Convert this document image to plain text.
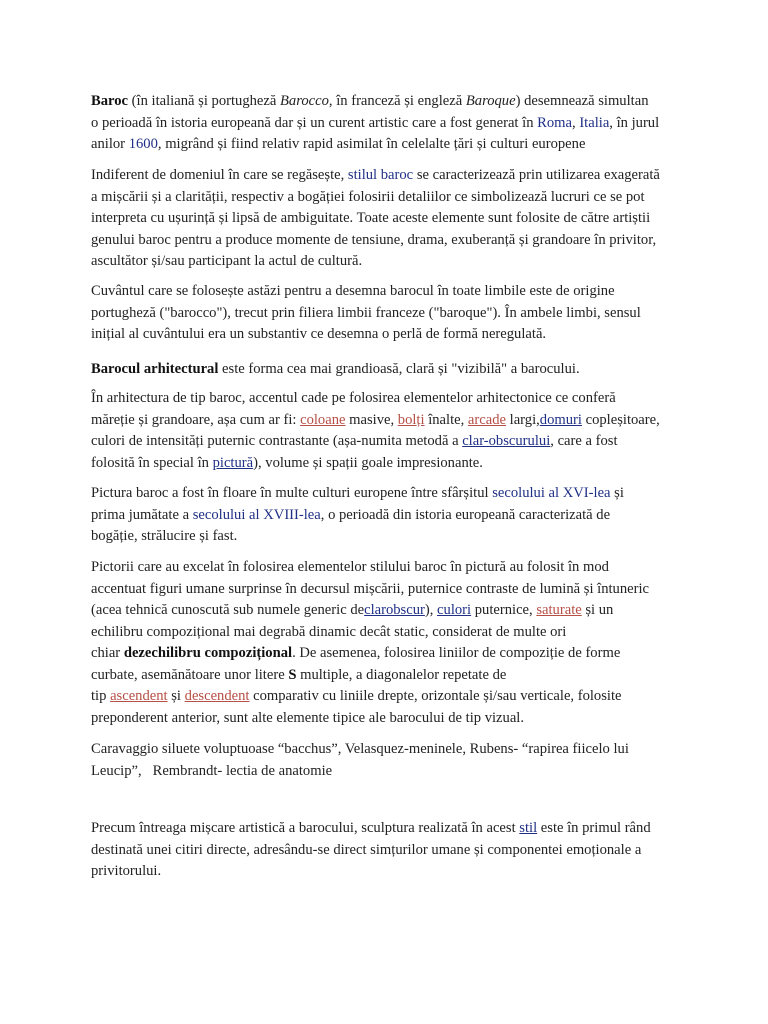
Baroc (în italiană și portugheză Barocco, în franceză și engleză Baroque) desemnează simultan
o perioadă în istoria europeană dar și un curent artistic care a fost generat în Roma, Italia, în jurul
anilor 1600, migrând și fiind relativ rapid asimilat în celelalte țări și culturi europene
Indiferent de domeniul în care se regăsește, stilul baroc se caracterizează prin utilizarea exagerată
a mișcării și a clarității, respectiv a bogăției folosirii detaliilor ce simbolizează lucruri ce se pot
interpreta cu ușurință și lipsă de ambiguitate. Toate aceste elemente sunt folosite de către artiștii
genului baroc pentru a produce momente de tensiune, drama, exuberanță și grandoare în privitor,
ascultător și/sau participant la actul de cultură.
Cuvântul care se folosește astăzi pentru a desemna barocul în toate limbile este de origine
portugheză ("barocco"), trecut prin filiera limbii franceze ("baroque"). În ambele limbi, sensul
inițial al cuvântului era un substantiv ce desemna o perlă de formă neregulată.
Barocul arhitectural este forma cea mai grandioasă, clară și "vizibilă" a barocului.
În arhitectura de tip baroc, accentul cade pe folosirea elementelor arhitectonice ce conferă
măreție și grandoare, așa cum ar fi: coloane masive, bolți înalte, arcade largi,domuri copleșitoare,
culori de intensități puternic contrastante (așa-numita metodă a clar-obscurului, care a fost
folosită în special în pictură), volume și spații goale impresionante.
Pictura baroc a fost în floare în multe culturi europene între sfârșitul secolului al XVI-lea și
prima jumătate a secolului al XVIII-lea, o perioadă din istoria europeană caracterizată de
bogăție, strălucire și fast.
Pictorii care au excelat în folosirea elementelor stilului baroc în pictură au folosit în mod
accentuat figuri umane surprinse în decursul mișcării, puternice contraste de lumină și întuneric
(acea tehnică cunoscută sub numele generic declarobscur), culori puternice, saturate și un
echilibru compozițional mai degrabă dinamic decât static, considerat de multe ori
chiar dezechilibru compozițional. De asemenea, folosirea liniilor de compoziție de forme
curbate, asemănătoare unor litere S multiple, a diagonalelor repetate de
tip ascendent și descendent comparativ cu liniile drepte, orizontale și/sau verticale, folosite
preponderent anterior, sunt alte elemente tipice ale barocului de tip vizual.
Caravaggio siluete voluptuoase “bacchus”, Velasquez-meninele, Rubens- “rapirea fiicelo lui
Leucip”,   Rembrandt- lectia de anatomie
Precum întreaga mișcare artistică a barocului, sculptura realizată în acest stil este în primul rând
destinată unei citiri directe, adresându-se direct simțurilor umane și componentei emoționale a
privitorului.
